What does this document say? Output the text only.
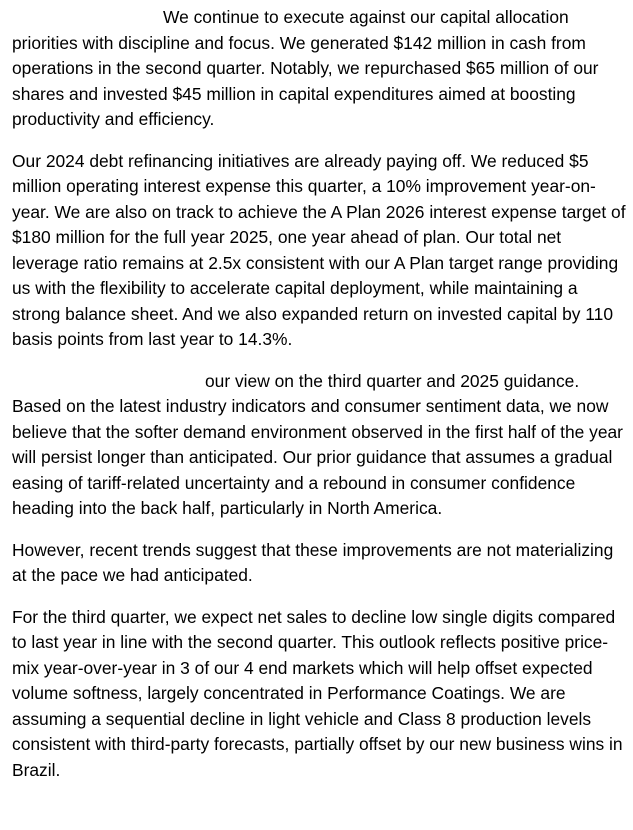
We continue to execute against our capital allocation priorities with discipline and focus. We generated $142 million in cash from operations in the second quarter. Notably, we repurchased $65 million of our shares and invested $45 million in capital expenditures aimed at boosting productivity and efficiency.

Our 2024 debt refinancing initiatives are already paying off. We reduced $5 million operating interest expense this quarter, a 10% improvement year-on-year. We are also on track to achieve the A Plan 2026 interest expense target of $180 million for the full year 2025, one year ahead of plan. Our total net leverage ratio remains at 2.5x consistent with our A Plan target range providing us with the flexibility to accelerate capital deployment, while maintaining a strong balance sheet. And we also expanded return on invested capital by 110 basis points from last year to 14.3%.

our view on the third quarter and 2025 guidance. Based on the latest industry indicators and consumer sentiment data, we now believe that the softer demand environment observed in the first half of the year will persist longer than anticipated. Our prior guidance that assumes a gradual easing of tariff-related uncertainty and a rebound in consumer confidence heading into the back half, particularly in North America.

However, recent trends suggest that these improvements are not materializing at the pace we had anticipated.

For the third quarter, we expect net sales to decline low single digits compared to last year in line with the second quarter. This outlook reflects positive price-mix year-over-year in 3 of our 4 end markets which will help offset expected volume softness, largely concentrated in Performance Coatings. We are assuming a sequential decline in light vehicle and Class 8 production levels consistent with third-party forecasts, partially offset by our new business wins in Brazil.
